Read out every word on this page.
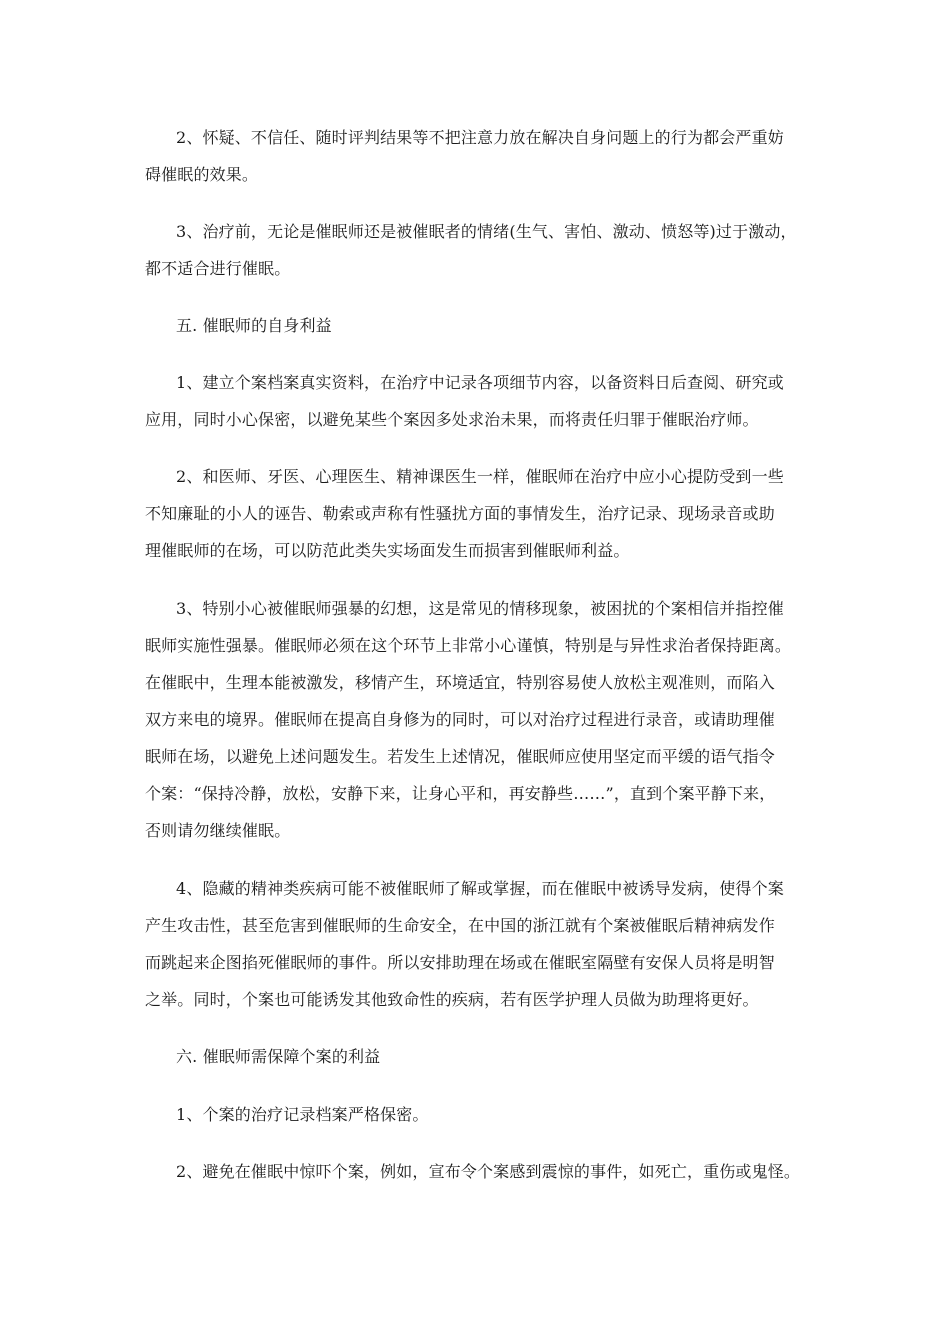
2、怀疑、不信任、随时评判结果等不把注意力放在解决自身问题上的行为都会严重妨
碍催眠的效果。
3、治疗前，无论是催眠师还是被催眠者的情绪(生气、害怕、激动、愤怒等)过于激动，
都不适合进行催眠。
五. 催眠师的自身利益
1、建立个案档案真实资料，在治疗中记录各项细节内容，以备资料日后查阅、研究或
应用，同时小心保密，以避免某些个案因多处求治未果，而将责任归罪于催眠治疗师。
2、和医师、牙医、心理医生、精神课医生一样，催眠师在治疗中应小心提防受到一些
不知廉耻的小人的诬告、勒索或声称有性骚扰方面的事情发生，治疗记录、现场录音或助
理催眠师的在场，可以防范此类失实场面发生而损害到催眠师利益。
3、特别小心被催眠师强暴的幻想，这是常见的情移现象，被困扰的个案相信并指控催
眠师实施性强暴。催眠师必须在这个环节上非常小心谨慎，特别是与异性求治者保持距离。
在催眠中，生理本能被激发，移情产生，环境适宜，特别容易使人放松主观准则，而陷入
双方来电的境界。催眠师在提高自身修为的同时，可以对治疗过程进行录音，或请助理催
眠师在场，以避免上述问题发生。若发生上述情况，催眠师应使用坚定而平缓的语气指令
个案：“保持冷静，放松，安静下来，让身心平和，再安静些……”，直到个案平静下来，
否则请勿继续催眠。
4、隐藏的精神类疾病可能不被催眠师了解或掌握，而在催眠中被诱导发病，使得个案
产生攻击性，甚至危害到催眠师的生命安全，在中国的浙江就有个案被催眠后精神病发作
而跳起来企图掐死催眠师的事件。所以安排助理在场或在催眠室隔壁有安保人员将是明智
之举。同时，个案也可能诱发其他致命性的疾病，若有医学护理人员做为助理将更好。
六. 催眠师需保障个案的利益
1、个案的治疗记录档案严格保密。
2、避免在催眠中惊吓个案，例如，宣布令个案感到震惊的事件，如死亡，重伤或鬼怪。
